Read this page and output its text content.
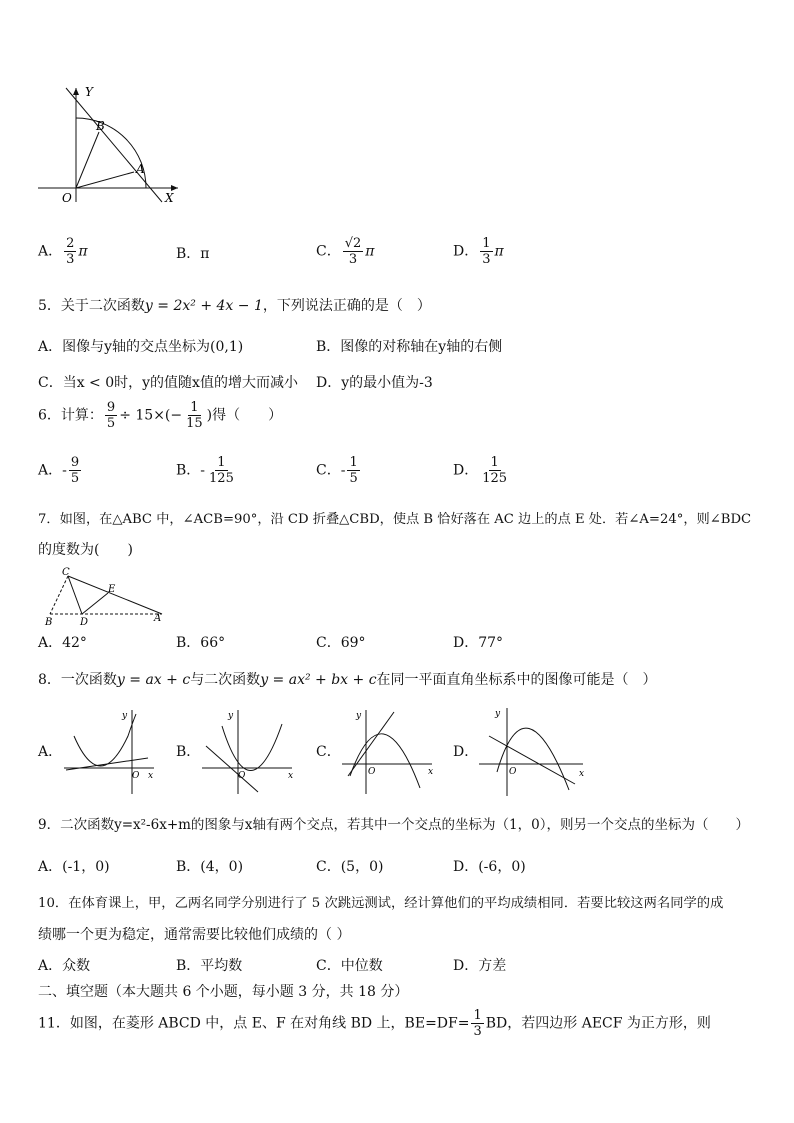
Y
X
O
B
A
A． $\frac{2}{3}$ π	B．π	C． $\frac{√2}{3}$ π	D． $\frac{1}{3}$ π
5．关于二次函数y = 2x² + 4x − 1，下列说法正确的是（　）
A．图像与y轴的交点坐标为(0,1)	B．图像的对称轴在y轴的右侧
C．当x < 0时，y的值随x值的增大而减小 D．y的最小值为-3
6．计算： $\frac{9}{5} \div 15\times(- \frac{1}{15}$ )得（　　）
A．- $\frac{9}{5}$	B．- $\frac{1}{125}$	C．- $\frac{1}{5}$	D． $\frac{1}{125}$
7．如图，在△ABC 中，∠ACB=90°，沿 CD 折叠△CBD，使点 B 恰好落在 AC 边上的点 E 处．若∠A=24°，则∠BDC
的度数为(　　)
C
E
B	D	A
A．42°	B．66°	C．69°	D．77°
8．一次函数y = ax + c与二次函数y = ax² + bx + c在同一平面直角坐标系中的图像可能是（　）
A．
y
x
O
B．
y
x
O
C．
y
x
O
D．
y
x
O
9．二次函数y=x²-6x+m的图象与x轴有两个交点，若其中一个交点的坐标为（1，0），则另一个交点的坐标为（　　）
A．(-1，0)	B．(4，0)	C．(5，0)	D．(-6，0)
10．在体育课上，甲，乙两名同学分别进行了 5 次跳远测试，经计算他们的平均成绩相同．若要比较这两名同学的成
绩哪一个更为稳定，通常需要比较他们成绩的（ ）
A．众数	B．平均数	C．中位数	D．方差
二、填空题（本大题共 6 个小题，每小题 3 分，共 18 分）
11．如图，在菱形 ABCD 中，点 E、F 在对角线 BD 上，$BE=DF= \frac{1}{3}$ BD，若四边形 AECF 为正方形，则
